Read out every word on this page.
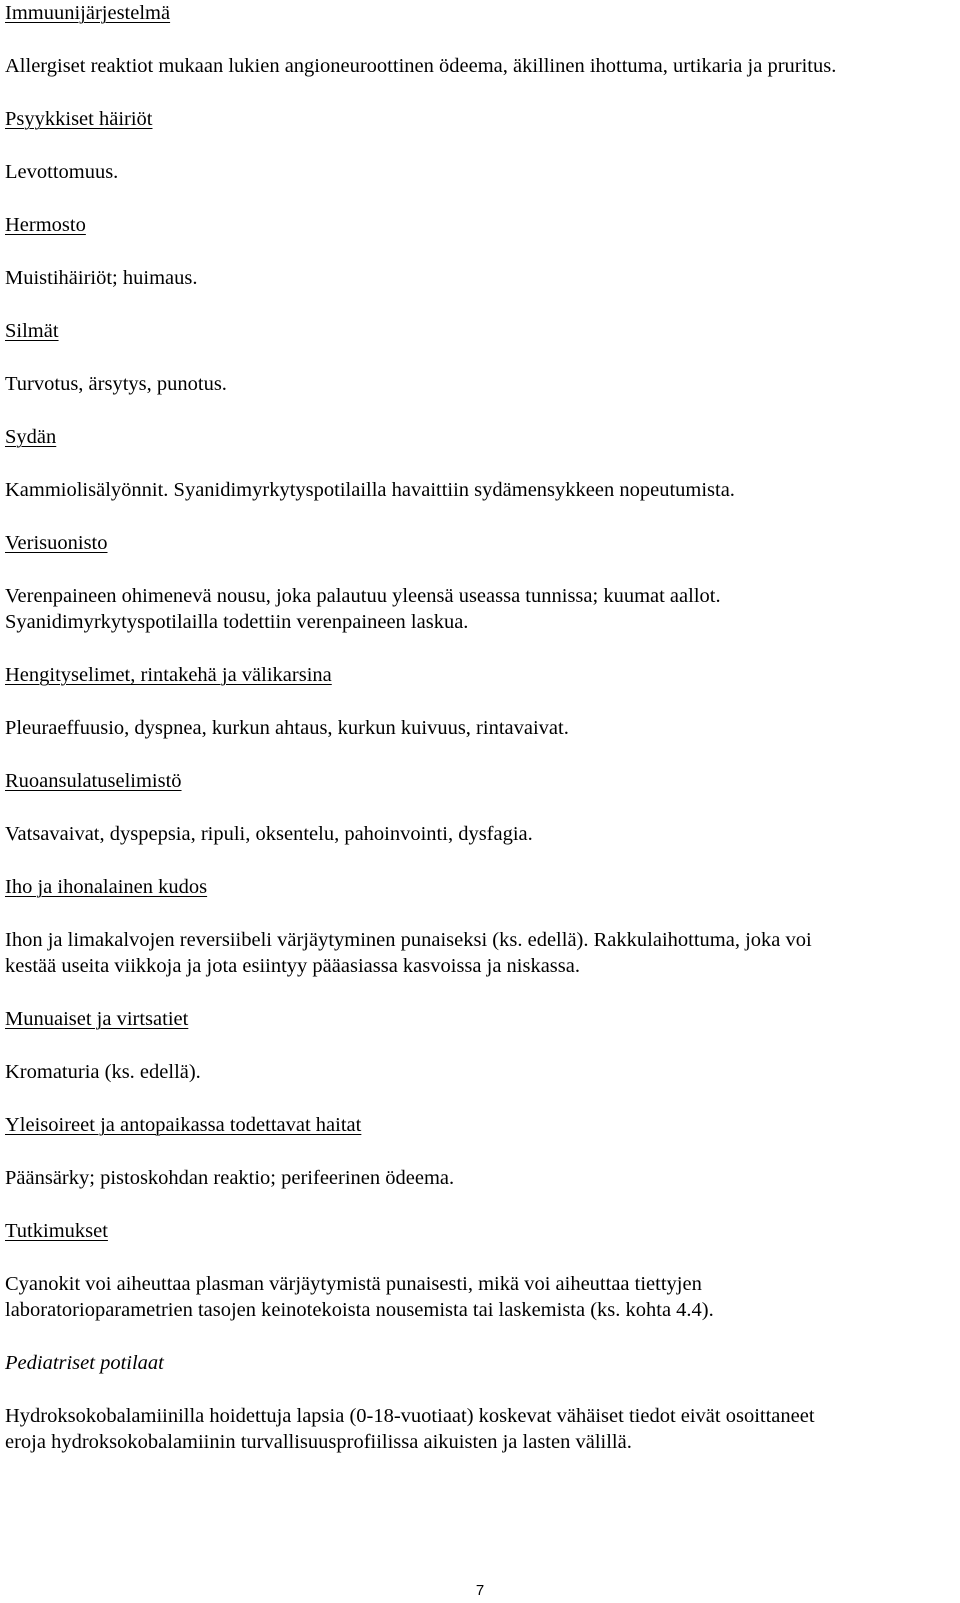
Immuunijärjestelmä
Allergiset reaktiot mukaan lukien angioneuroottinen ödeema, äkillinen ihottuma, urtikaria ja pruritus.
Psyykkiset häiriöt
Levottomuus.
Hermosto
Muistihäiriöt; huimaus.
Silmät
Turvotus, ärsytys, punotus.
Sydän
Kammiolisälyönnit. Syanidimyrkytyspotilailla havaittiin sydämensykkeen nopeutumista.
Verisuonisto
Verenpaineen ohimenevä nousu, joka palautuu yleensä useassa tunnissa; kuumat aallot.
Syanidimyrkytyspotilailla todettiin verenpaineen laskua.
Hengityselimet, rintakehä ja välikarsina
Pleuraeffuusio, dyspnea, kurkun ahtaus, kurkun kuivuus, rintavaivat.
Ruoansulatuselimistö
Vatsavaivat, dyspepsia, ripuli, oksentelu, pahoinvointi, dysfagia.
Iho ja ihonalainen kudos
Ihon ja limakalvojen reversiibeli värjäytyminen punaiseksi (ks. edellä). Rakkulaihottuma, joka voi
kestää useita viikkoja ja jota esiintyy pääasiassa kasvoissa ja niskassa.
Munuaiset ja virtsatiet
Kromaturia (ks. edellä).
Yleisoireet ja antopaikassa todettavat haitat
Päänsärky; pistoskohdan reaktio; perifeerinen ödeema.
Tutkimukset
Cyanokit voi aiheuttaa plasman värjäytymistä punaisesti, mikä voi aiheuttaa tiettyjen
laboratorioparametrien tasojen keinotekoista nousemista tai laskemista (ks. kohta 4.4).
Pediatriset potilaat
Hydroksokobalamiinilla hoidettuja lapsia (0-18-vuotiaat) koskevat vähäiset tiedot eivät osoittaneet
eroja hydroksokobalamiinin turvallisuusprofiilissa aikuisten ja lasten välillä.
7
